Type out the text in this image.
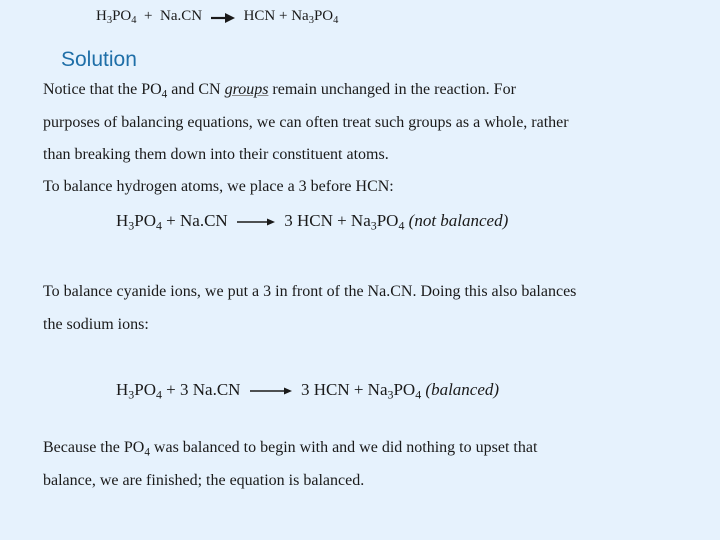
$H_3PO_4 + Na.CN$	HCN + $Na_3PO_4$
Solution
Notice that the $PO_4$ and CN groups remain unchanged in the reaction. For
purposes of balancing equations, we can often treat such groups as a whole, rather
than breaking them down into their constituent atoms.
To balance hydrogen atoms, we place a 3 before HCN:
$H_3PO_4 + Na.CN$	3 HCN + $Na_3PO_4$ (not balanced)
To balance cyanide ions, we put a 3 in front of the Na.CN. Doing this also balances
the sodium ions:
$H_3PO_4 + 3$ Na.CN	3 HCN + $Na_3PO_4$ (balanced)
Because the $PO_4$ was balanced to begin with and we did nothing to upset that
balance, we are finished; the equation is balanced.
